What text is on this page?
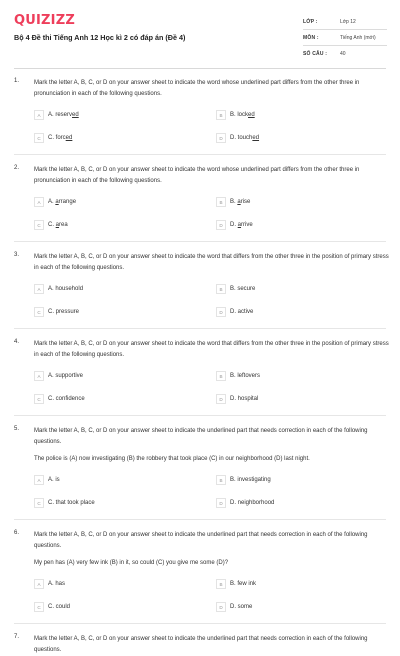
QUIZIZZ
Bộ 4 Đề thi Tiếng Anh 12 Học kì 2 có đáp án (Đề 4)
LỚP :	Lớp 12
MÔN :	Tiếng Anh (mới)
SỐ CÂU :	40
1. Mark the letter A, B, C, or D on your answer sheet to indicate the word whose underlined part differs from the other three in pronunciation in each of the following questions.
A	A. reserved	B	B. locked
C	C. forced	D	D. touched
2. Mark the letter A, B, C, or D on your answer sheet to indicate the word whose underlined part differs from the other three in pronunciation in each of the following questions.
A	A. arrange	B	B. arise
C	C. area	D	D. arrive
3. Mark the letter A, B, C, or D on your answer sheet to indicate the word that differs from the other three in the position of primary stress in each of the following questions.
A	A. household	B	B. secure
C	C. pressure	D	D. active
4. Mark the letter A, B, C, or D on your answer sheet to indicate the word that differs from the other three in the position of primary stress in each of the following questions.
A	A. supportive	B	B. leftovers
C	C. confidence	D	D. hospital
5. Mark the letter A, B, C, or D on your answer sheet to indicate the underlined part that needs correction in each of the following questions.
The police is (A) now investigating (B) the robbery that took place (C) in our neighborhood (D) last night.
A	A. is	B	B. investigating
C	C. that took place	D	D. neighborhood
6. Mark the letter A, B, C, or D on your answer sheet to indicate the underlined part that needs correction in each of the following questions.
My pen has (A) very few ink (B) in it, so could (C) you give me some (D)?
A	A. has	B	B. few ink
C	C. could	D	D. some
7. Mark the letter A, B, C, or D on your answer sheet to indicate the underlined part that needs correction in each of the following questions.
